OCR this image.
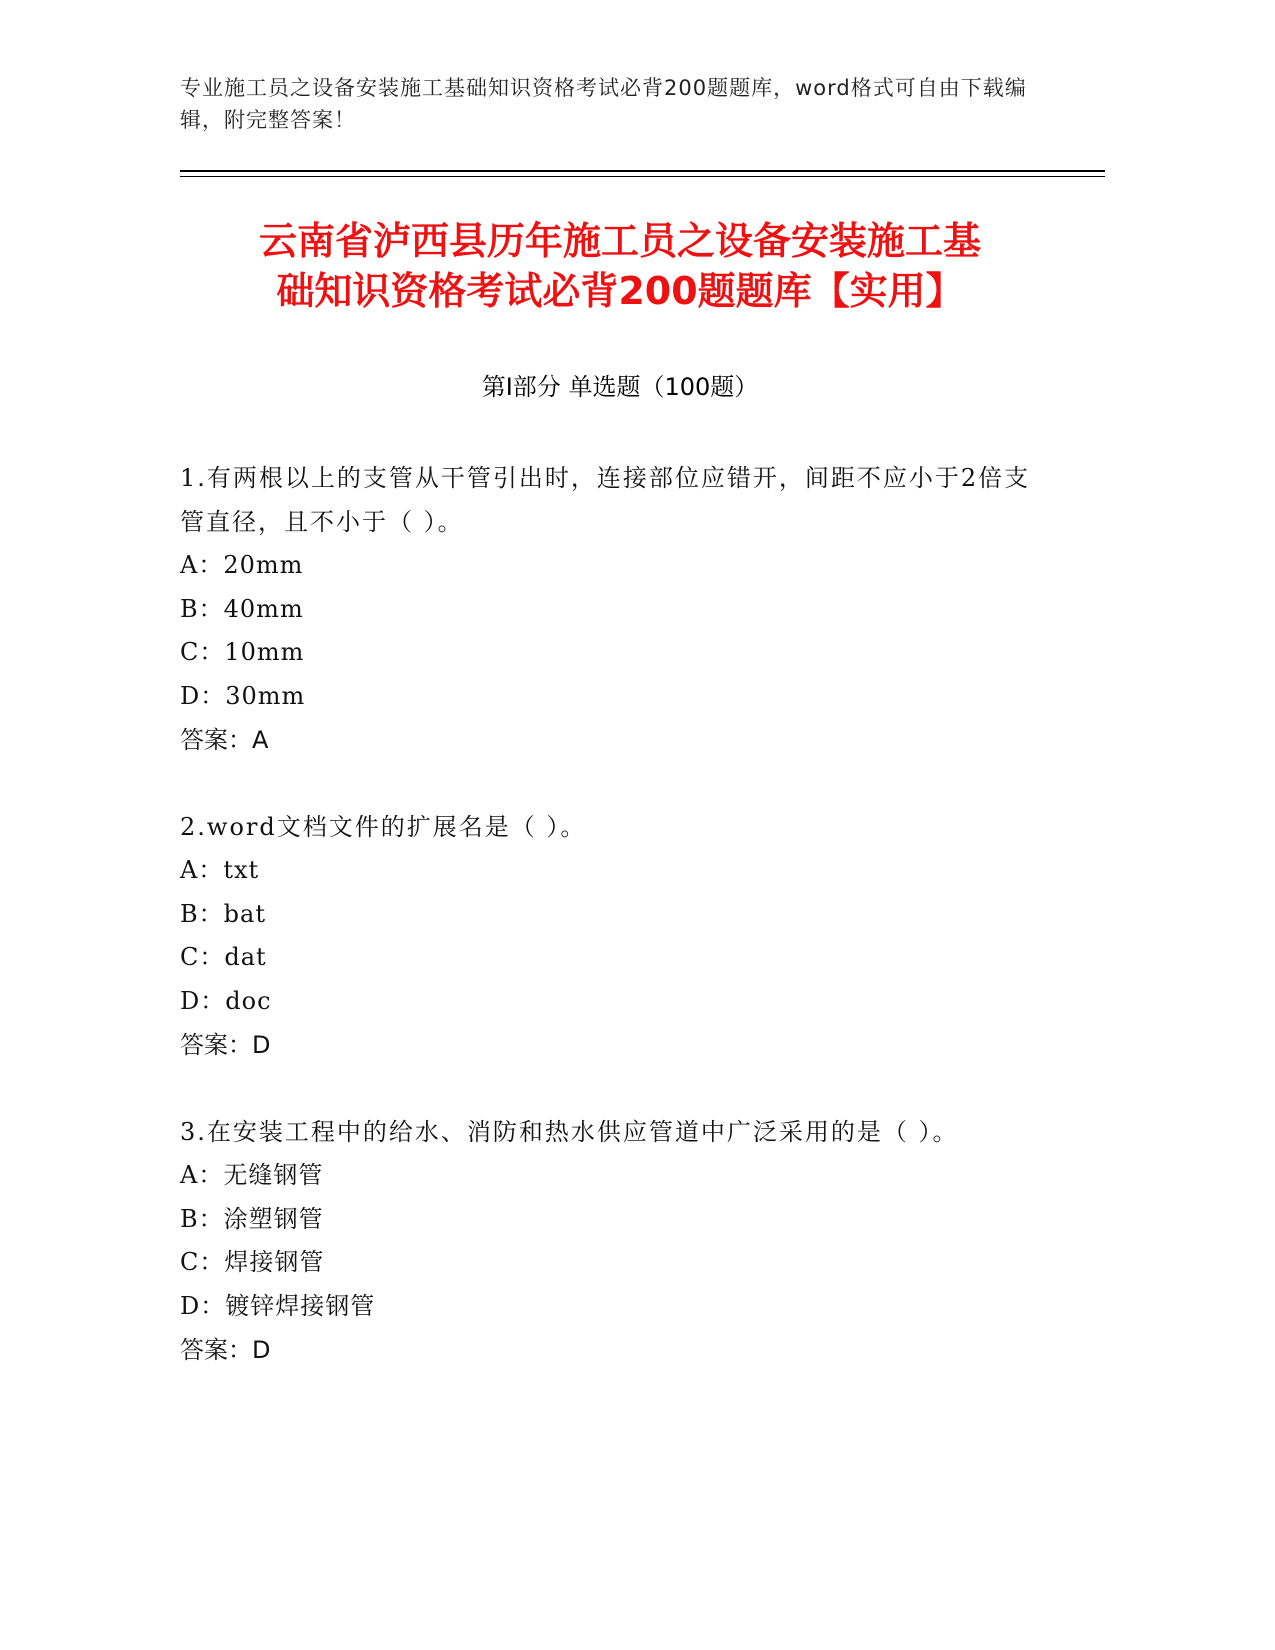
专业施工员之设备安装施工基础知识资格考试必背200题题库，word格式可自由下载编辑，附完整答案！
云南省泸西县历年施工员之设备安装施工基
础知识资格考试必背200题题库【实用】
第I部分 单选题（100题）
1.有两根以上的支管从干管引出时，连接部位应错开，间距不应小于2倍支管直径，且不小于（ ）。
A：20mm
B：40mm
C：10mm
D：30mm
答案：A
2.word文档文件的扩展名是（ ）。
A：txt
B：bat
C：dat
D：doc
答案：D
3.在安装工程中的给水、消防和热水供应管道中广泛采用的是（ ）。
A：无缝钢管
B：涂塑钢管
C：焊接钢管
D：镀锌焊接钢管
答案：D
